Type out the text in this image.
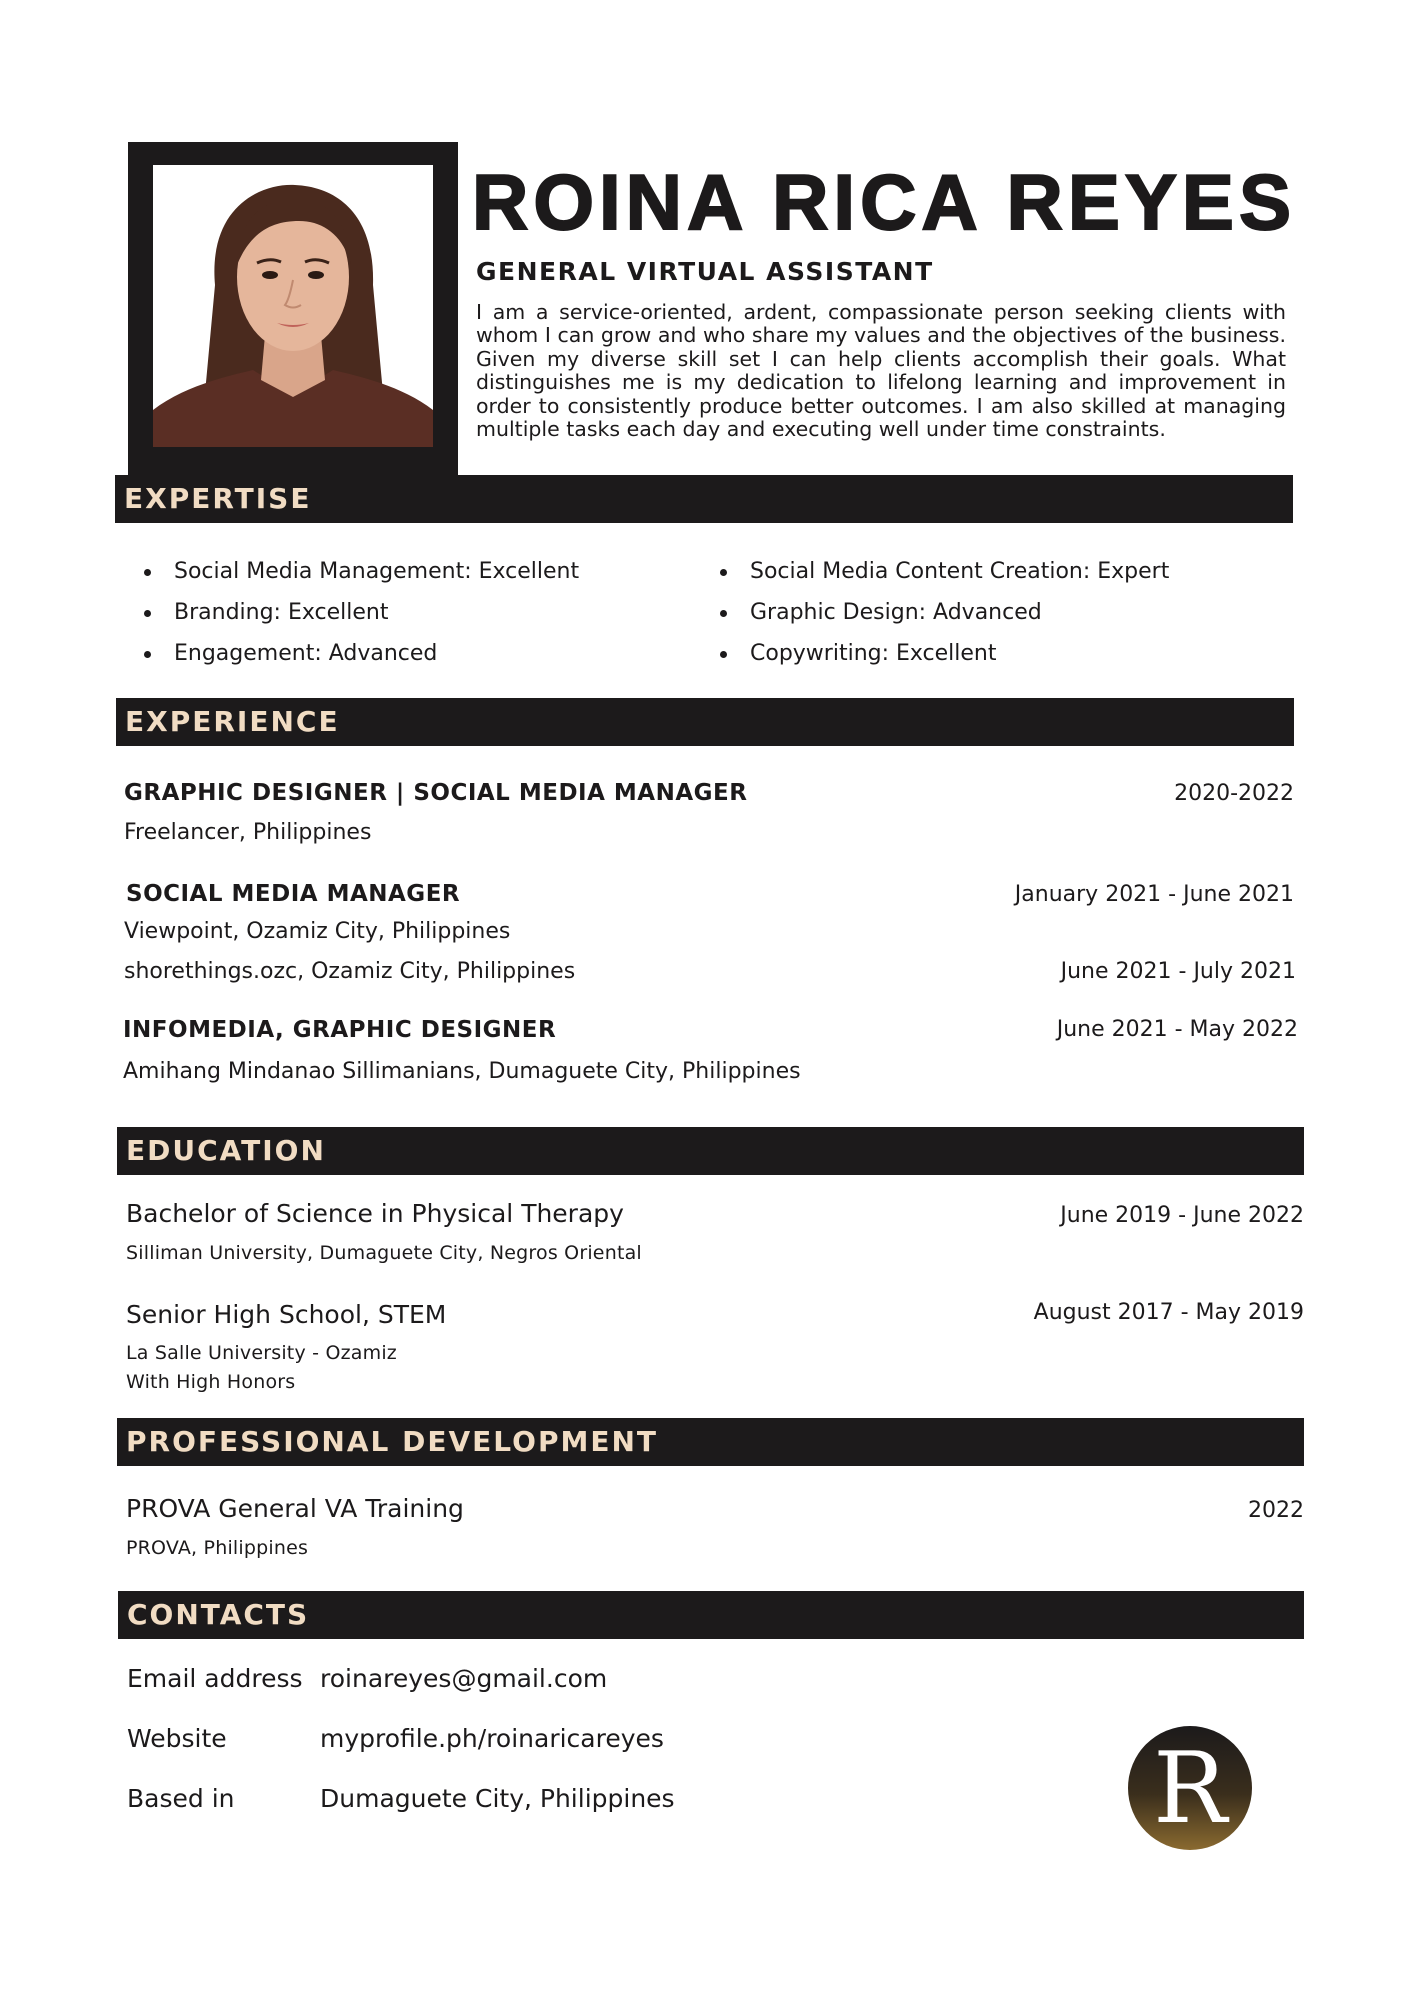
ROINA RICA REYES
GENERAL VIRTUAL ASSISTANT
I am a service-oriented, ardent, compassionate person seeking clients with whom I can grow and who share my values and the objectives of the business. Given my diverse skill set I can help clients accomplish their goals. What distinguishes me is my dedication to lifelong learning and improvement in order to consistently produce better outcomes. I am also skilled at managing multiple tasks each day and executing well under time constraints.
EXPERTISE
Social Media Management: Excellent
Branding: Excellent
Engagement: Advanced
Social Media Content Creation: Expert
Graphic Design: Advanced
Copywriting: Excellent
EXPERIENCE
GRAPHIC DESIGNER | SOCIAL MEDIA MANAGER	2020-2022
Freelancer, Philippines
SOCIAL MEDIA MANAGER	January 2021 - June 2021
Viewpoint, Ozamiz City, Philippines
shorethings.ozc, Ozamiz City, Philippines	June 2021 - July 2021
INFOMEDIA, GRAPHIC DESIGNER	June 2021 - May 2022
Amihang Mindanao Sillimanians, Dumaguete City, Philippines
EDUCATION
Bachelor of Science in Physical Therapy	June 2019 - June 2022
Silliman University, Dumaguete City, Negros Oriental
Senior High School, STEM	August 2017 - May 2019
La Salle University - Ozamiz
With High Honors
PROFESSIONAL DEVELOPMENT
PROVA General VA Training	2022
PROVA, Philippines
CONTACTS
Email address roinareyes@gmail.com
Website	myprofile.ph/roinaricareyes
Based in	Dumaguete City, Philippines	R
